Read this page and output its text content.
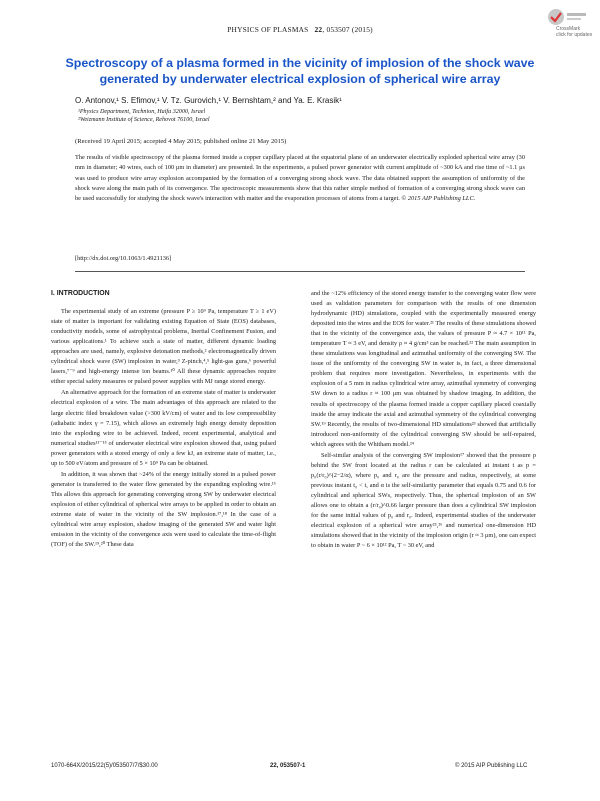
PHYSICS OF PLASMAS 22, 053507 (2015)	CrossMark
click for updates
Spectroscopy of a plasma formed in the vicinity of implosion of the shock wave generated by underwater electrical explosion of spherical wire array
O. Antonov,¹ S. Efimov,¹ V. Tz. Gurovich,¹ V. Bernshtam,² and Ya. E. Krasik¹
¹Physics Department, Technion, Haifa 32000, Israel
²Weizmann Institute of Science, Rehovot 76100, Israel
(Received 19 April 2015; accepted 4 May 2015; published online 21 May 2015)
The results of visible spectroscopy of the plasma formed inside a copper capillary placed at the equatorial plane of an underwater electrically exploded spherical wire array (30 mm in diameter; 40 wires, each of 100 μm in diameter) are presented. In the experiments, a pulsed power generator with current amplitude of ~300 kA and rise time of ~1.1 μs was used to produce wire array explosion accompanied by the formation of a converging strong shock wave. The data obtained support the assumption of uniformity of the shock wave along the main path of its convergence. The spectroscopic measurements show that this rather simple method of formation of a converging strong shock wave can be used successfully for studying the shock wave's interaction with matter and the evaporation processes of atoms from a target. © 2015 AIP Publishing LLC.
[http://dx.doi.org/10.1063/1.4921136]

I. INTRODUCTION

The experimental study of an extreme (pressure P ≥ 10⁹ Pa, temperature T ≥ 1 eV) state of matter is important for validating existing Equation of State (EOS) databases, conductivity models, some of astrophysical problems, Inertial Confinement Fusion, and various applications.¹ To achieve such a state of matter, different dynamic loading approaches are used, namely, explosive detonation methods,² electromagnetically driven cylindrical shock wave (SW) implosion in water,³ Z-pinch,⁴,⁵ light-gas guns,⁶ powerful lasers,⁷⁻⁹ and high-energy intense ion beams.¹⁰ All these dynamic approaches require either special safety measures or pulsed power supplies with MJ range stored energy.

An alternative approach for the formation of an extreme state of matter is underwater electrical explosion of a wire. The main advantages of this approach are related to the large electric filed breakdown value (>300 kV/cm) of water and its low compressibility (adiabatic index γ = 7.15), which allows an extremely high energy density deposition into the exploding wire to be achieved. Indeed, recent experimental, analytical and numerical studies¹¹⁻¹⁵ of underwater electrical wire explosion showed that, using pulsed power generators with a stored energy of only a few kJ, an extreme state of matter, i.e., up to 500 eV/atom and pressure of 5 × 10⁹ Pa can be obtained.

In addition, it was shown that ~24% of the energy initially stored in a pulsed power generator is transferred to the water flow generated by the expanding exploding wire.¹⁶ This allows this approach for generating converging strong SW by underwater electrical explosion of either cylindrical of spherical wire arrays to be applied in order to obtain an extreme state of water in the vicinity of the SW implosion.¹⁷,¹⁸ In the case of a cylindrical wire array explosion, shadow imaging of the generated SW and water light emission in the vicinity of the convergence axis were used to calculate the time-of-flight (TOF) of the SW.¹⁹,²⁰ These data

and the ~12% efficiency of the stored energy transfer to the converging water flow were used as validation parameters for comparison with the results of one dimension hydrodynamic (HD) simulations, coupled with the experimentally measured energy deposited into the wires and the EOS for water.²¹ The results of these simulations showed that in the vicinity of the convergence axis, the values of pressure P ≈ 4.7 × 10¹¹ Pa, temperature T ≈ 3 eV, and density ρ ≈ 4 g/cm³ can be reached.²² The main assumption in these simulations was longitudinal and azimuthal uniformity of the converging SW. The issue of the uniformity of the converging SW in water is, in fact, a three dimensional problem that requires more investigation. Nevertheless, in experiments with the explosion of a 5 mm in radius cylindrical wire array, azimuthal symmetry of converging SW down to a radius r ≈ 100 μm was obtained by shadow imaging. In addition, the results of spectroscopy of the plasma formed inside a copper capillary placed coaxially inside the array indicate the axial and azimuthal symmetry of the cylindrical converging SW.¹⁹ Recently, the results of two-dimensional HD simulations²³ showed that artificially introduced non-uniformity of the cylindrical converging SW should be self-repaired, which agrees with the Whitham model.²⁴

Self-similar analysis of the converging SW implosion¹⁷ showed that the pressure p behind the SW front located at the radius r can be calculated at instant t as p = p₀(r/r₀)^(2−2/α), where p₀ and r₀ are the pressure and radius, respectively, at some previous instant t₀ < t, and α is the self-similarity parameter that equals 0.75 and 0.6 for cylindrical and spherical SWs, respectively. Thus, the spherical implosion of an SW allows one to obtain a (r/r₀)^0.66 larger pressure than does a cylindrical SW implosion for the same initial values of p₀ and r₀. Indeed, experimental studies of the underwater electrical explosion of a spherical wire array²⁵,²⁶ and numerical one-dimension HD simulations showed that in the vicinity of the implosion origin (r ≈ 3 μm), one can expect to obtain in water P ~ 6 × 10¹² Pa, T ~ 30 eV, and

1070-664X/2015/22(5)/053507/7/$30.00	22, 053507-1	© 2015 AIP Publishing LLC
